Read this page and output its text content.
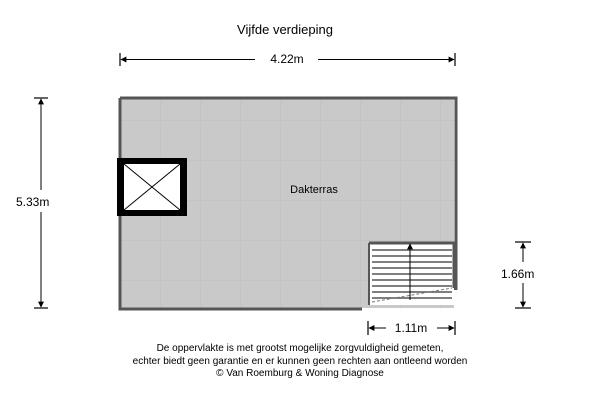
Vijfde verdieping
4.22m
5.33m
1.66m
1.11m
Dakterras
De oppervlakte is met grootst mogelijke zorgvuldigheid gemeten,
echter biedt geen garantie en er kunnen geen rechten aan ontleend worden
© Van Roemburg & Woning Diagnose
